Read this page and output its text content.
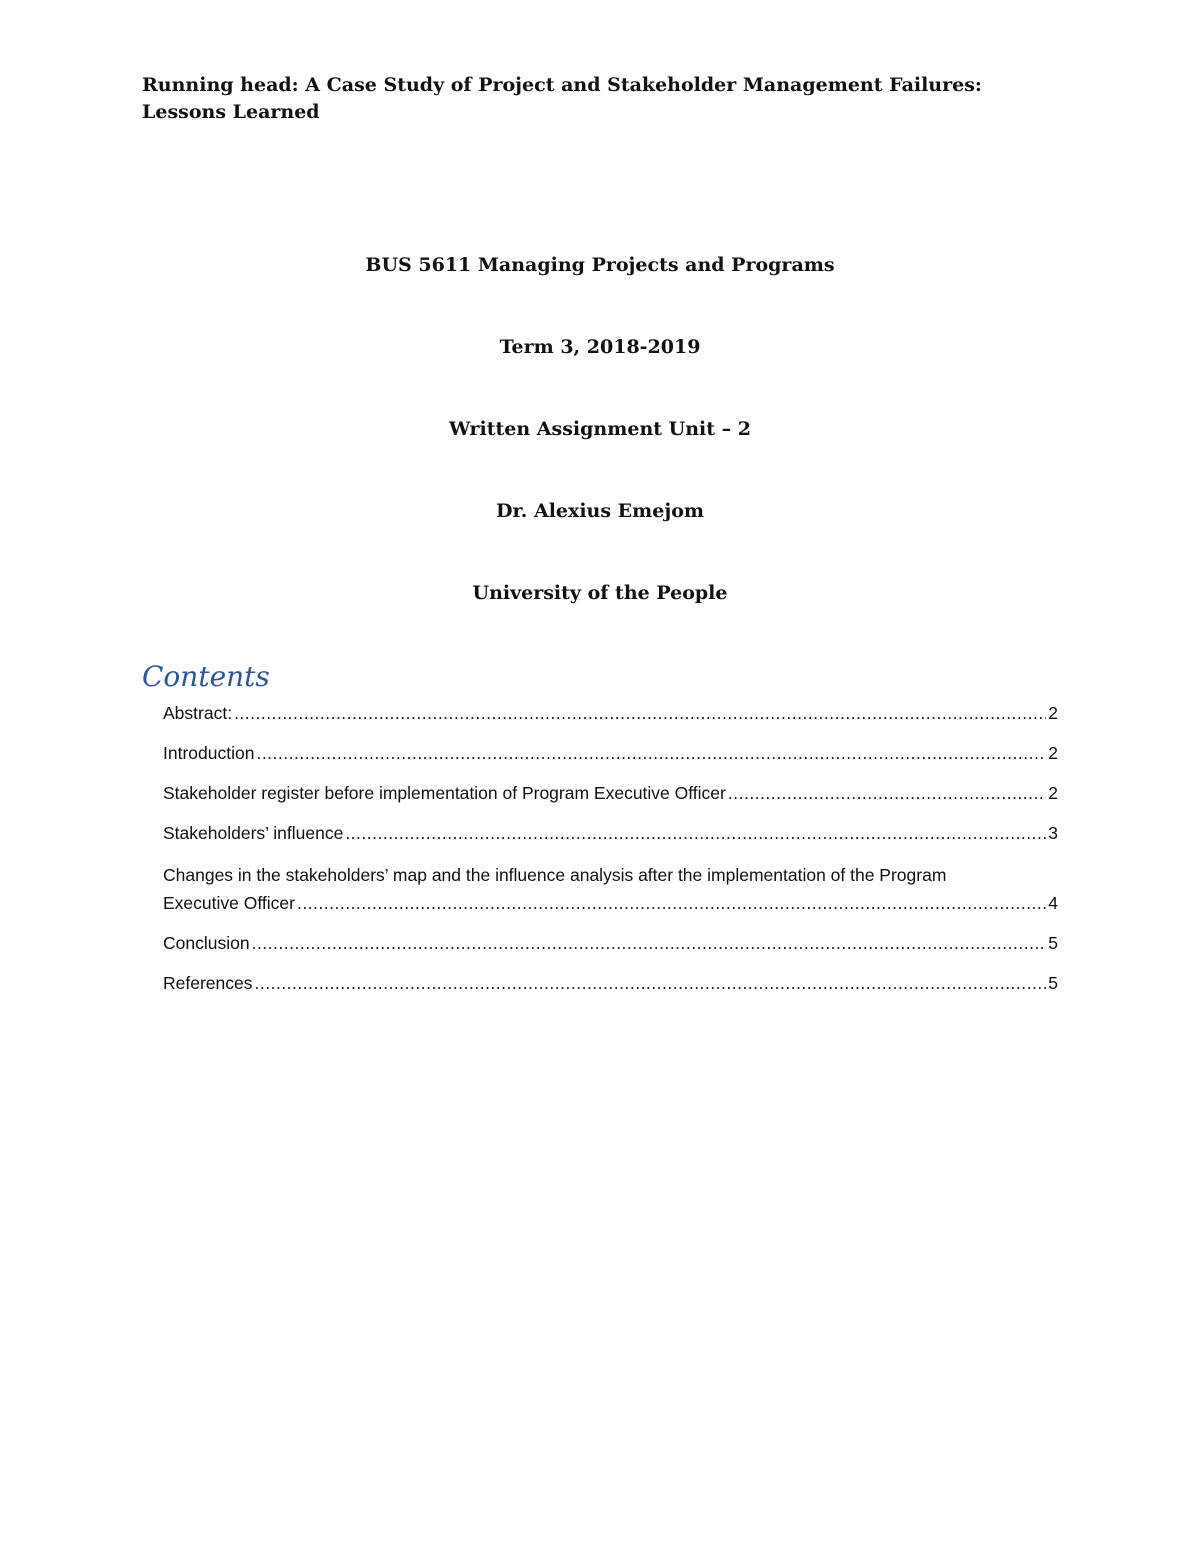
Running head: A Case Study of Project and Stakeholder Management Failures: Lessons Learned
BUS 5611 Managing Projects and Programs
Term 3, 2018-2019
Written Assignment Unit – 2
Dr. Alexius Emejom
University of the People
Contents
Abstract: .....	2
Introduction .....	2
Stakeholder register before implementation of Program Executive Officer .....	2
Stakeholders’ influence .....	3
Changes in the stakeholders’ map and the influence analysis after the implementation of the Program
Executive Officer .....	4
Conclusion .....	5
References .....	5
